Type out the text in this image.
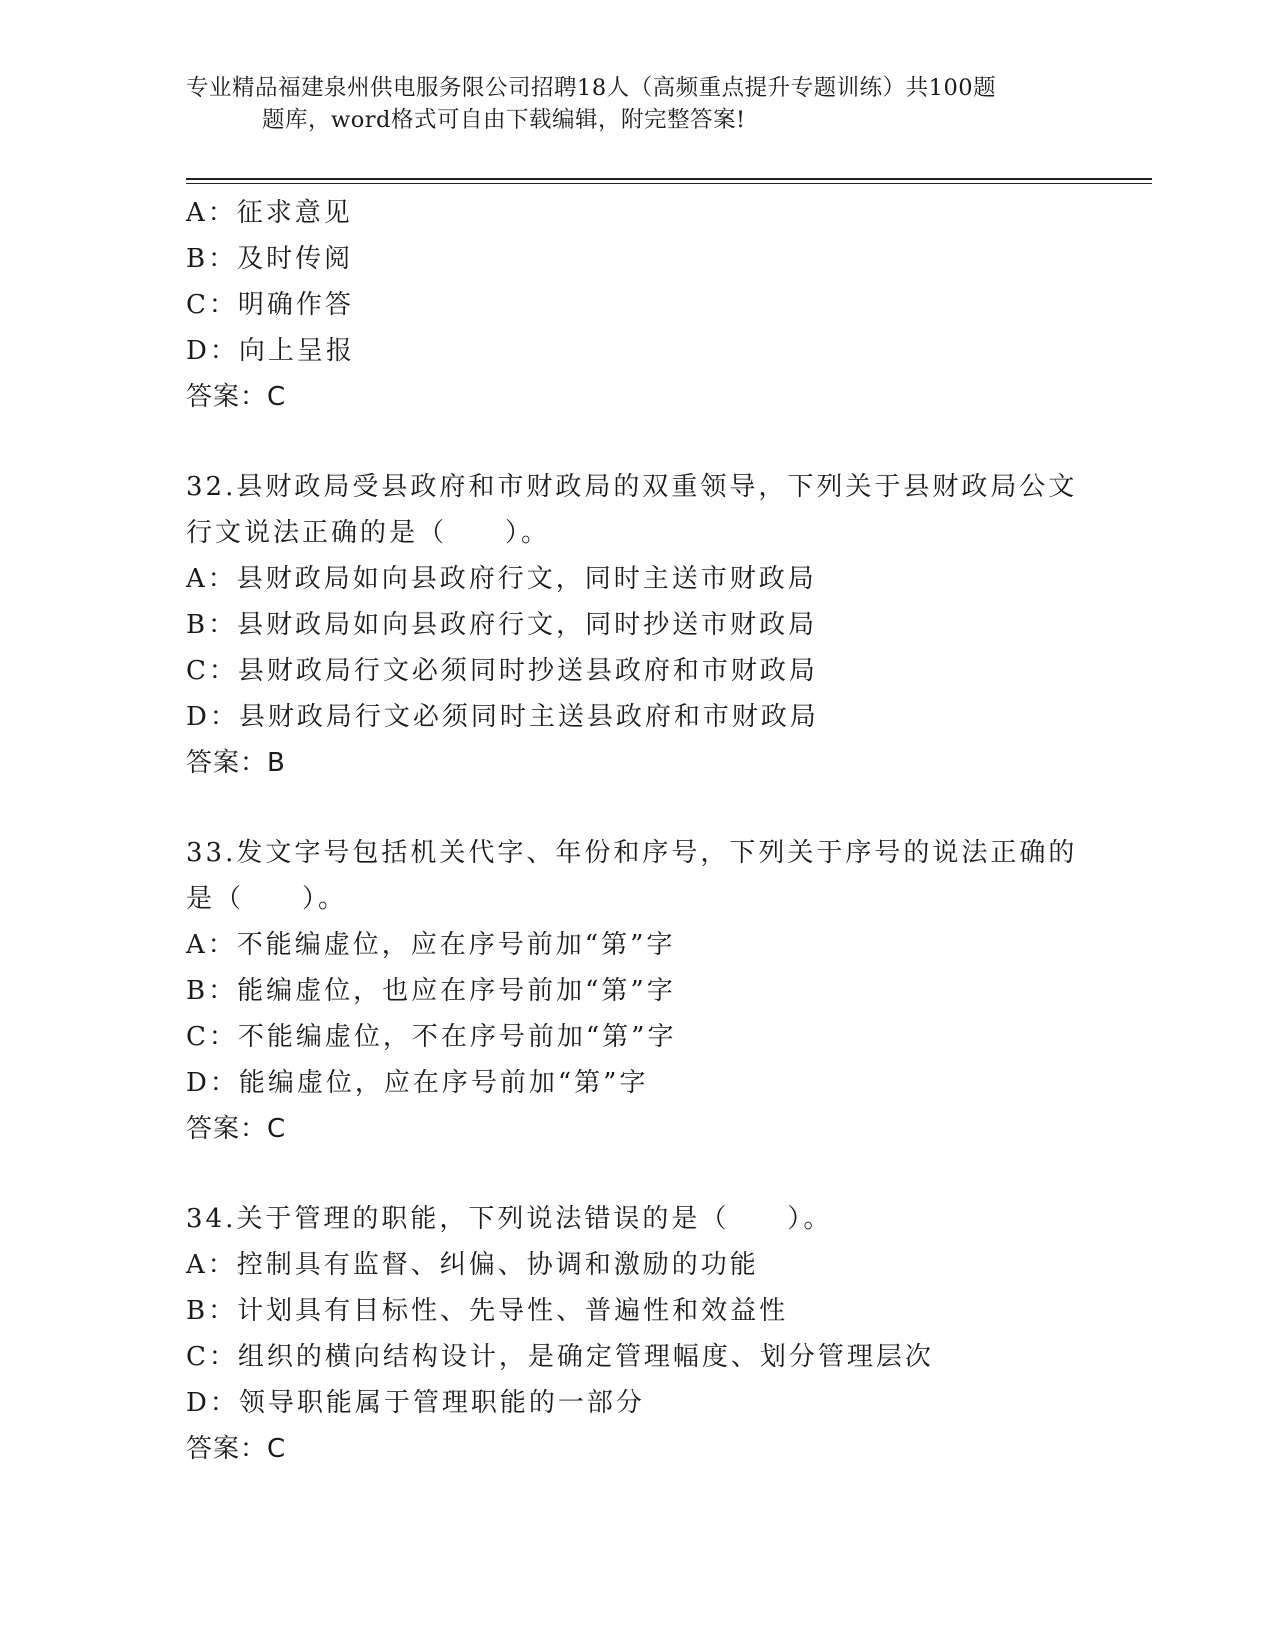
专业精品福建泉州供电服务限公司招聘18人（高频重点提升专题训练）共100题
题库，word格式可自由下载编辑，附完整答案!
A：征求意见
B：及时传阅
C：明确作答
D：向上呈报
答案：C
32.县财政局受县政府和市财政局的双重领导，下列关于县财政局公文
行文说法正确的是（　　）。
A：县财政局如向县政府行文，同时主送市财政局
B：县财政局如向县政府行文，同时抄送市财政局
C：县财政局行文必须同时抄送县政府和市财政局
D：县财政局行文必须同时主送县政府和市财政局
答案：B
33.发文字号包括机关代字、年份和序号，下列关于序号的说法正确的
是（　　）。
A：不能编虚位，应在序号前加“第”字
B：能编虚位，也应在序号前加“第”字
C：不能编虚位，不在序号前加“第”字
D：能编虚位，应在序号前加“第”字
答案：C
34.关于管理的职能，下列说法错误的是（　　）。
A：控制具有监督、纠偏、协调和激励的功能
B：计划具有目标性、先导性、普遍性和效益性
C：组织的横向结构设计，是确定管理幅度、划分管理层次
D：领导职能属于管理职能的一部分
答案：C
